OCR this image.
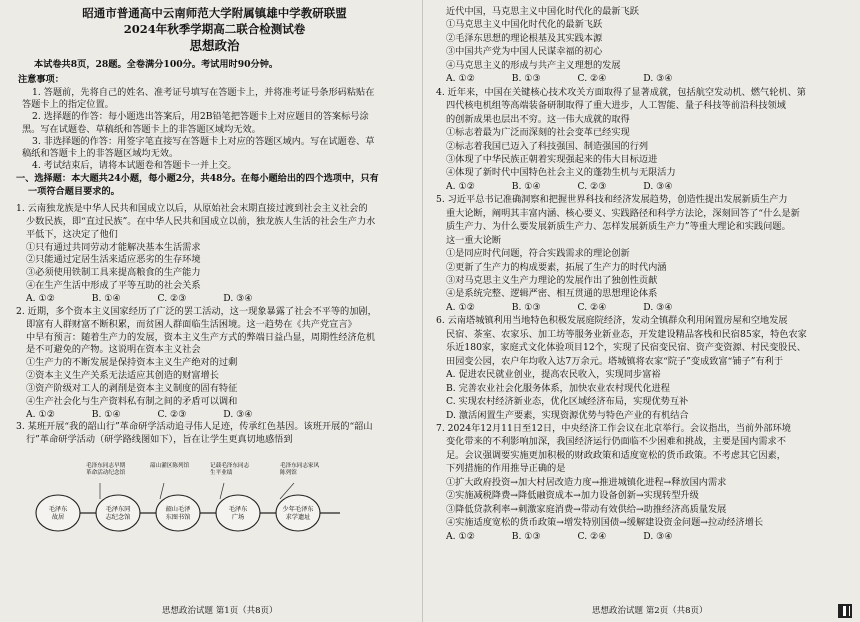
昭通市普通高中云南师范大学附属镇雄中学教研联盟
2024年秋季学期高二联合检测试卷
思想政治
本试卷共8页，28题。全卷满分100分。考试用时90分钟。
注意事项：
1. 答题前，先将自己的姓名、准考证号填写在答题卡上，并将准考证号条形码粘贴在
答题卡上的指定位置。
2. 选择题的作答：每小题选出答案后，用2B铅笔把答题卡上对应题目的答案标号涂
黑。写在试题卷、草稿纸和答题卡上的非答题区域均无效。
3. 非选择题的作答：用签字笔直接写在答题卡上对应的答题区域内。写在试题卷、草
稿纸和答题卡上的非答题区域均无效。
4. 考试结束后，请将本试题卷和答题卡一并上交。
一、选择题：本大题共24小题，每小题2分，共48分。在每小题给出的四个选项中，只有
一项符合题目要求的。
1. 云南独龙族是中华人民共和国成立以后，从原始社会末期直接过渡到社会主义社会的
少数民族，即“直过民族”。在中华人民共和国成立以前，独龙族人生活的社会生产力水
平低下，这决定了他们
①只有通过共同劳动才能解决基本生活需求
②只能通过定居生活来适应恶劣的生存环境
③必须使用铁制工具来提高粮食的生产能力
④在生产生活中形成了平等互助的社会关系
A. ①②　　　　B. ①④　　　　C. ②③　　　　D. ③④
2. 近期，多个资本主义国家经历了广泛的罢工活动，这一现象暴露了社会不平等的加剧，
即富有人群财富不断积累，而贫困人群面临生活困境。这一趋势在《共产党宣言》
中早有预言：随着生产力的发展，资本主义生产方式的弊端日益凸显，周期性经济危机
是不可避免的产物。这说明在资本主义社会
①生产力的不断发展是保持资本主义生产绝对的过剩
②资本主义生产关系无法适应其创造的财富增长
③资产阶级对工人的剥削是资本主义制度的固有特征
④生产社会化与生产资料私有制之间的矛盾可以调和
A. ①②　　　　B. ①④　　　　C. ②③　　　　D. ③④
3. 某班开展“我的韶山行”革命研学活动追寻伟人足迹，传承红色基因。该班开展的“韶山
行”革命研学活动（研学路线图如下），旨在让学生更真切地感悟到
毛泽东
故居
毛泽东同
志纪念馆
韶山毛泽
东图书馆
毛泽东
广场
少年毛泽东
求学遗址
毛泽东同志早期
革命活动纪念馆
韶山灌区陈列馆	记载毛泽东同志
生平业绩
毛泽东同志家风
陈列馆
思想政治试题 第1页（共8页）
近代中国，马克思主义中国化时代化的最新飞跃
①马克思主义中国化时代化的最新飞跃
②毛泽东思想的理论根基及其实践本源
③中国共产党为中国人民谋幸福的初心
④马克思主义的形成与共产主义理想的发展
A. ①②　　　　B. ①③　　　　C. ②④　　　　D. ③④
4. 近年来，中国在关键核心技术攻关方面取得了显著成就，包括航空发动机、燃气轮机、第
四代核电机组等高端装备研制取得了重大进步，人工智能、量子科技等前沿科技领域
的创新成果也层出不穷。这一伟大成就的取得
①标志着最为广泛而深刻的社会变革已经实现
②标志着我国已迈入了科技强国、制造强国的行列
③体现了中华民族正朝着实现强起来的伟大目标迈进
④体现了新时代中国特色社会主义的蓬勃生机与无限活力
A. ①②　　　　B. ①④　　　　C. ②③　　　　D. ③④
5. 习近平总书记准确洞察和把握世界科技和经济发展趋势，创造性提出发展新质生产力
重大论断，阐明其丰富内涵、核心要义、实践路径和科学方法论，深刻回答了“什么是新
质生产力、为什么要发展新质生产力、怎样发展新质生产力”等重大理论和实践问题。
这一重大论断
①是同应时代问题，符合实践需求的理论创新
②更新了生产力的构成要素，拓展了生产力的时代内涵
③对马克思主义生产力理论的发展作出了独创性贡献
④是系统完整、逻辑严密、相互贯通的思想理论体系
A. ①②　　　　B. ①③　　　　C. ②④　　　　D. ③④
6. 云南塔城镇利用当地特色积极发展庭院经济，发动全镇群众利用闲置房屋和空地发展
民宿、茶室、农家乐、加工坊等服务业新业态，开发建设精品客栈和民宿85家，特色农家
乐近180家，家庭式文化体验项目12个，实现了民宿变民宿、资产变资源、村民变股民、
田园变公园，农户年均收入达7万余元。塔城镇将农家“院子”变成致富“铺子”有利于
A. 促进农民就业创业，提高农民收入，实现同步富裕
B. 完善农业社会化服务体系，加快农业农村现代化进程
C. 实现农村经济新业态，优化区域经济布局，实现优势互补
D. 激活闲置生产要素，实现资源优势与特色产业的有机结合
7. 2024年12月11日至12日，中央经济工作会议在北京举行。会议指出，当前外部环境
变化带来的不利影响加深，我国经济运行仍面临不少困难和挑战，主要是国内需求不
足。会议强调要实施更加积极的财政政策和适度宽松的货币政策。不考虑其它因素，
下列措施的作用推导正确的是
①扩大政府投资→加大村居改造力度→推进城镇化进程→释放国内需求
②实施减税降费→降低融资成本→加力设备创新→实现转型升级
③降低贷款利率→刺激家庭消费→带动有效供给→助推经济高质量发展
④实施适度宽松的货币政策→增发特别国债→缓解建设资金问题→拉动经济增长
A. ①②　　　　B. ①③　　　　C. ②④　　　　D. ③④
思想政治试题 第2页（共8页）
